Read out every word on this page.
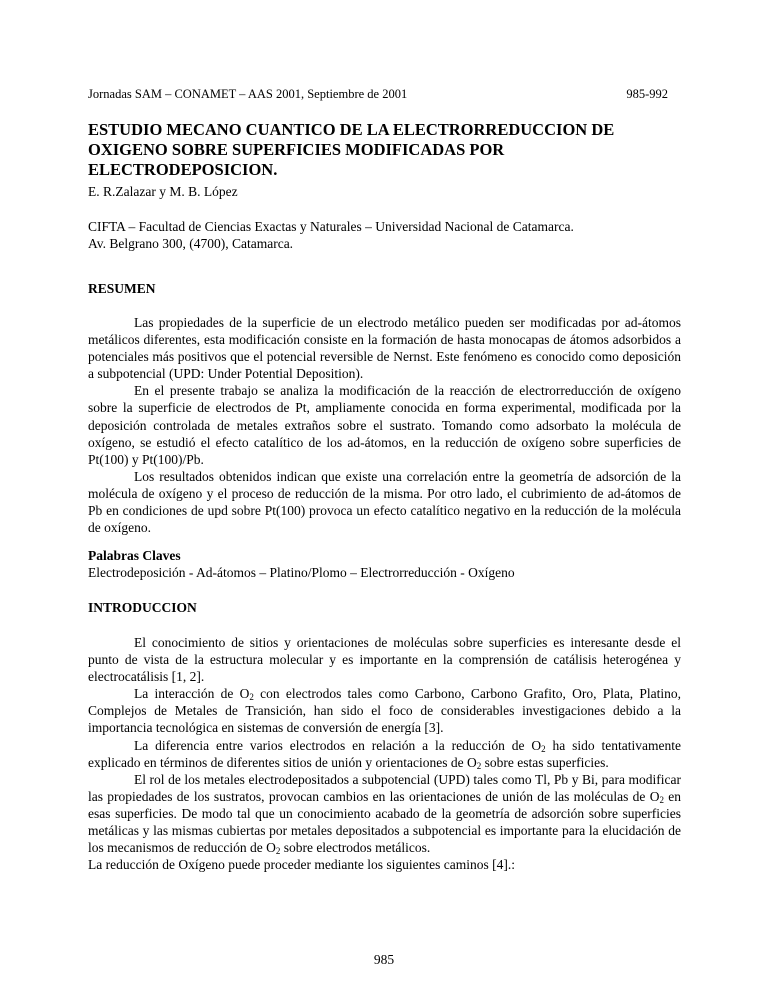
Jornadas SAM – CONAMET – AAS 2001, Septiembre de 2001	985-992
ESTUDIO MECANO CUANTICO DE LA ELECTRORREDUCCION DE
OXIGENO SOBRE SUPERFICIES MODIFICADAS POR
ELECTRODEPOSICION.
E. R.Zalazar y M. B. López
CIFTA – Facultad de Ciencias Exactas y Naturales – Universidad Nacional de Catamarca.
Av. Belgrano 300, (4700), Catamarca.
RESUMEN

Las propiedades de la superficie de un electrodo metálico pueden ser modificadas por ad-átomos metálicos diferentes, esta modificación consiste en la formación de hasta monocapas de átomos adsorbidos a potenciales más positivos que el potencial reversible de Nernst. Este fenómeno es conocido como deposición a subpotencial (UPD: Under Potential Deposition).

En el presente trabajo se analiza la modificación de la reacción de electrorreducción de oxígeno sobre la superficie de electrodos de Pt, ampliamente conocida en forma experimental, modificada por la deposición controlada de metales extraños sobre el sustrato. Tomando como adsorbato la molécula de oxígeno, se estudió el efecto catalítico de los ad-átomos, en la reducción de oxígeno sobre superficies de Pt(100) y Pt(100)/Pb.

Los resultados obtenidos indican que existe una correlación entre la geometría de adsorción de la molécula de oxígeno y el proceso de reducción de la misma. Por otro lado, el cubrimiento de ad-átomos de Pb en condiciones de upd sobre Pt(100) provoca un efecto catalítico negativo en la reducción de la molécula de oxígeno.

Palabras Claves
Electrodeposición - Ad-átomos – Platino/Plomo – Electrorreducción - Oxígeno
INTRODUCCION

El conocimiento de sitios y orientaciones de moléculas sobre superficies es interesante desde el punto de vista de la estructura molecular y es importante en la comprensión de catálisis heterogénea y electrocatálisis [1, 2].

La interacción de $O_2$ con electrodos tales como Carbono, Carbono Grafito, Oro, Plata, Platino, Complejos de Metales de Transición, han sido el foco de considerables investigaciones debido a la importancia tecnológica en sistemas de conversión de energía [3].

La diferencia entre varios electrodos en relación a la reducción de $O_2$ ha sido tentativamente explicado en términos de diferentes sitios de unión y orientaciones de $O_2$ sobre estas superficies.

El rol de los metales electrodepositados a subpotencial (UPD) tales como Tl, Pb y Bi, para modificar las propiedades de los sustratos, provocan cambios en las orientaciones de unión de las moléculas de $O_2$ en esas superficies. De modo tal que un conocimiento acabado de la geometría de adsorción sobre superficies metálicas y las mismas cubiertas por metales depositados a subpotencial es importante para la elucidación de los mecanismos de reducción de $O_2$ sobre electrodos metálicos.

La reducción de Oxígeno puede proceder mediante los siguientes caminos [4].:

985
